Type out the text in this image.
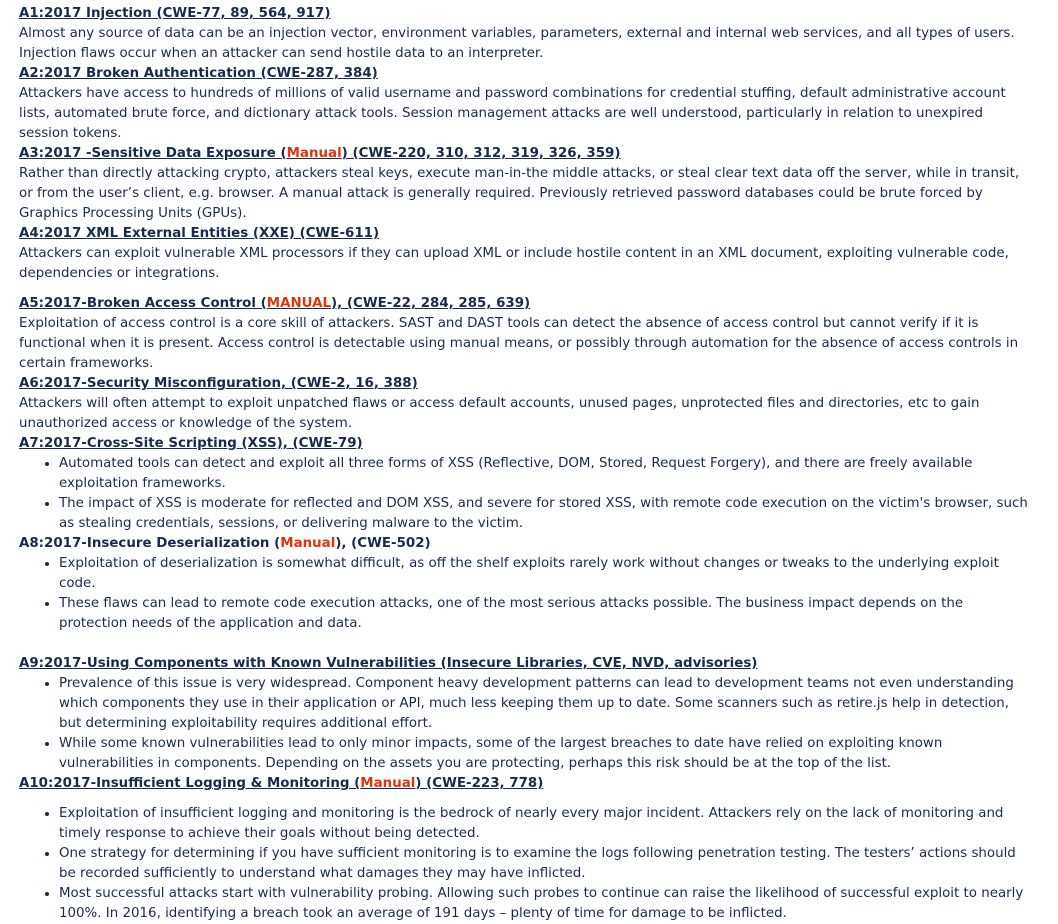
A1:2017 Injection (CWE-77, 89, 564, 917)

Almost any source of data can be an injection vector, environment variables, parameters, external and internal web services, and all types of users. Injection flaws occur when an attacker can send hostile data to an interpreter.

A2:2017 Broken Authentication (CWE-287, 384)

Attackers have access to hundreds of millions of valid username and password combinations for credential stuffing, default administrative account lists, automated brute force, and dictionary attack tools. Session management attacks are well understood, particularly in relation to unexpired session tokens.

A3:2017 -Sensitive Data Exposure (Manual) (CWE-220, 310, 312, 319, 326, 359)

Rather than directly attacking crypto, attackers steal keys, execute man-in-the middle attacks, or steal clear text data off the server, while in transit, or from the user’s client, e.g. browser. A manual attack is generally required. Previously retrieved password databases could be brute forced by Graphics Processing Units (GPUs).

A4:2017 XML External Entities (XXE) (CWE-611)

Attackers can exploit vulnerable XML processors if they can upload XML or include hostile content in an XML document, exploiting vulnerable code, dependencies or integrations.

A5:2017-Broken Access Control (MANUAL), (CWE-22, 284, 285, 639)

Exploitation of access control is a core skill of attackers. SAST and DAST tools can detect the absence of access control but cannot verify if it is functional when it is present. Access control is detectable using manual means, or possibly through automation for the absence of access controls in certain frameworks.

A6:2017-Security Misconfiguration, (CWE-2, 16, 388)

Attackers will often attempt to exploit unpatched flaws or access default accounts, unused pages, unprotected files and directories, etc to gain unauthorized access or knowledge of the system.

A7:2017-Cross-Site Scripting (XSS), (CWE-79)
• Automated tools can detect and exploit all three forms of XSS (Reflective, DOM, Stored, Request Forgery), and there are freely available exploitation frameworks.
• The impact of XSS is moderate for reflected and DOM XSS, and severe for stored XSS, with remote code execution on the victim's browser, such as stealing credentials, sessions, or delivering malware to the victim.
A8:2017-Insecure Deserialization (Manual), (CWE-502)
• Exploitation of deserialization is somewhat difficult, as off the shelf exploits rarely work without changes or tweaks to the underlying exploit code.
• These flaws can lead to remote code execution attacks, one of the most serious attacks possible. The business impact depends on the protection needs of the application and data.
A9:2017-Using Components with Known Vulnerabilities (Insecure Libraries, CVE, NVD, advisories)
• Prevalence of this issue is very widespread. Component heavy development patterns can lead to development teams not even understanding which components they use in their application or API, much less keeping them up to date. Some scanners such as retire.js help in detection, but determining exploitability requires additional effort.
• While some known vulnerabilities lead to only minor impacts, some of the largest breaches to date have relied on exploiting known vulnerabilities in components. Depending on the assets you are protecting, perhaps this risk should be at the top of the list.
A10:2017-Insufficient Logging & Monitoring (Manual) (CWE-223, 778)
• Exploitation of insufficient logging and monitoring is the bedrock of nearly every major incident. Attackers rely on the lack of monitoring and timely response to achieve their goals without being detected.
• One strategy for determining if you have sufficient monitoring is to examine the logs following penetration testing. The testers’ actions should be recorded sufficiently to understand what damages they may have inflicted.
• Most successful attacks start with vulnerability probing. Allowing such probes to continue can raise the likelihood of successful exploit to nearly 100%. In 2016, identifying a breach took an average of 191 days – plenty of time for damage to be inflicted.
